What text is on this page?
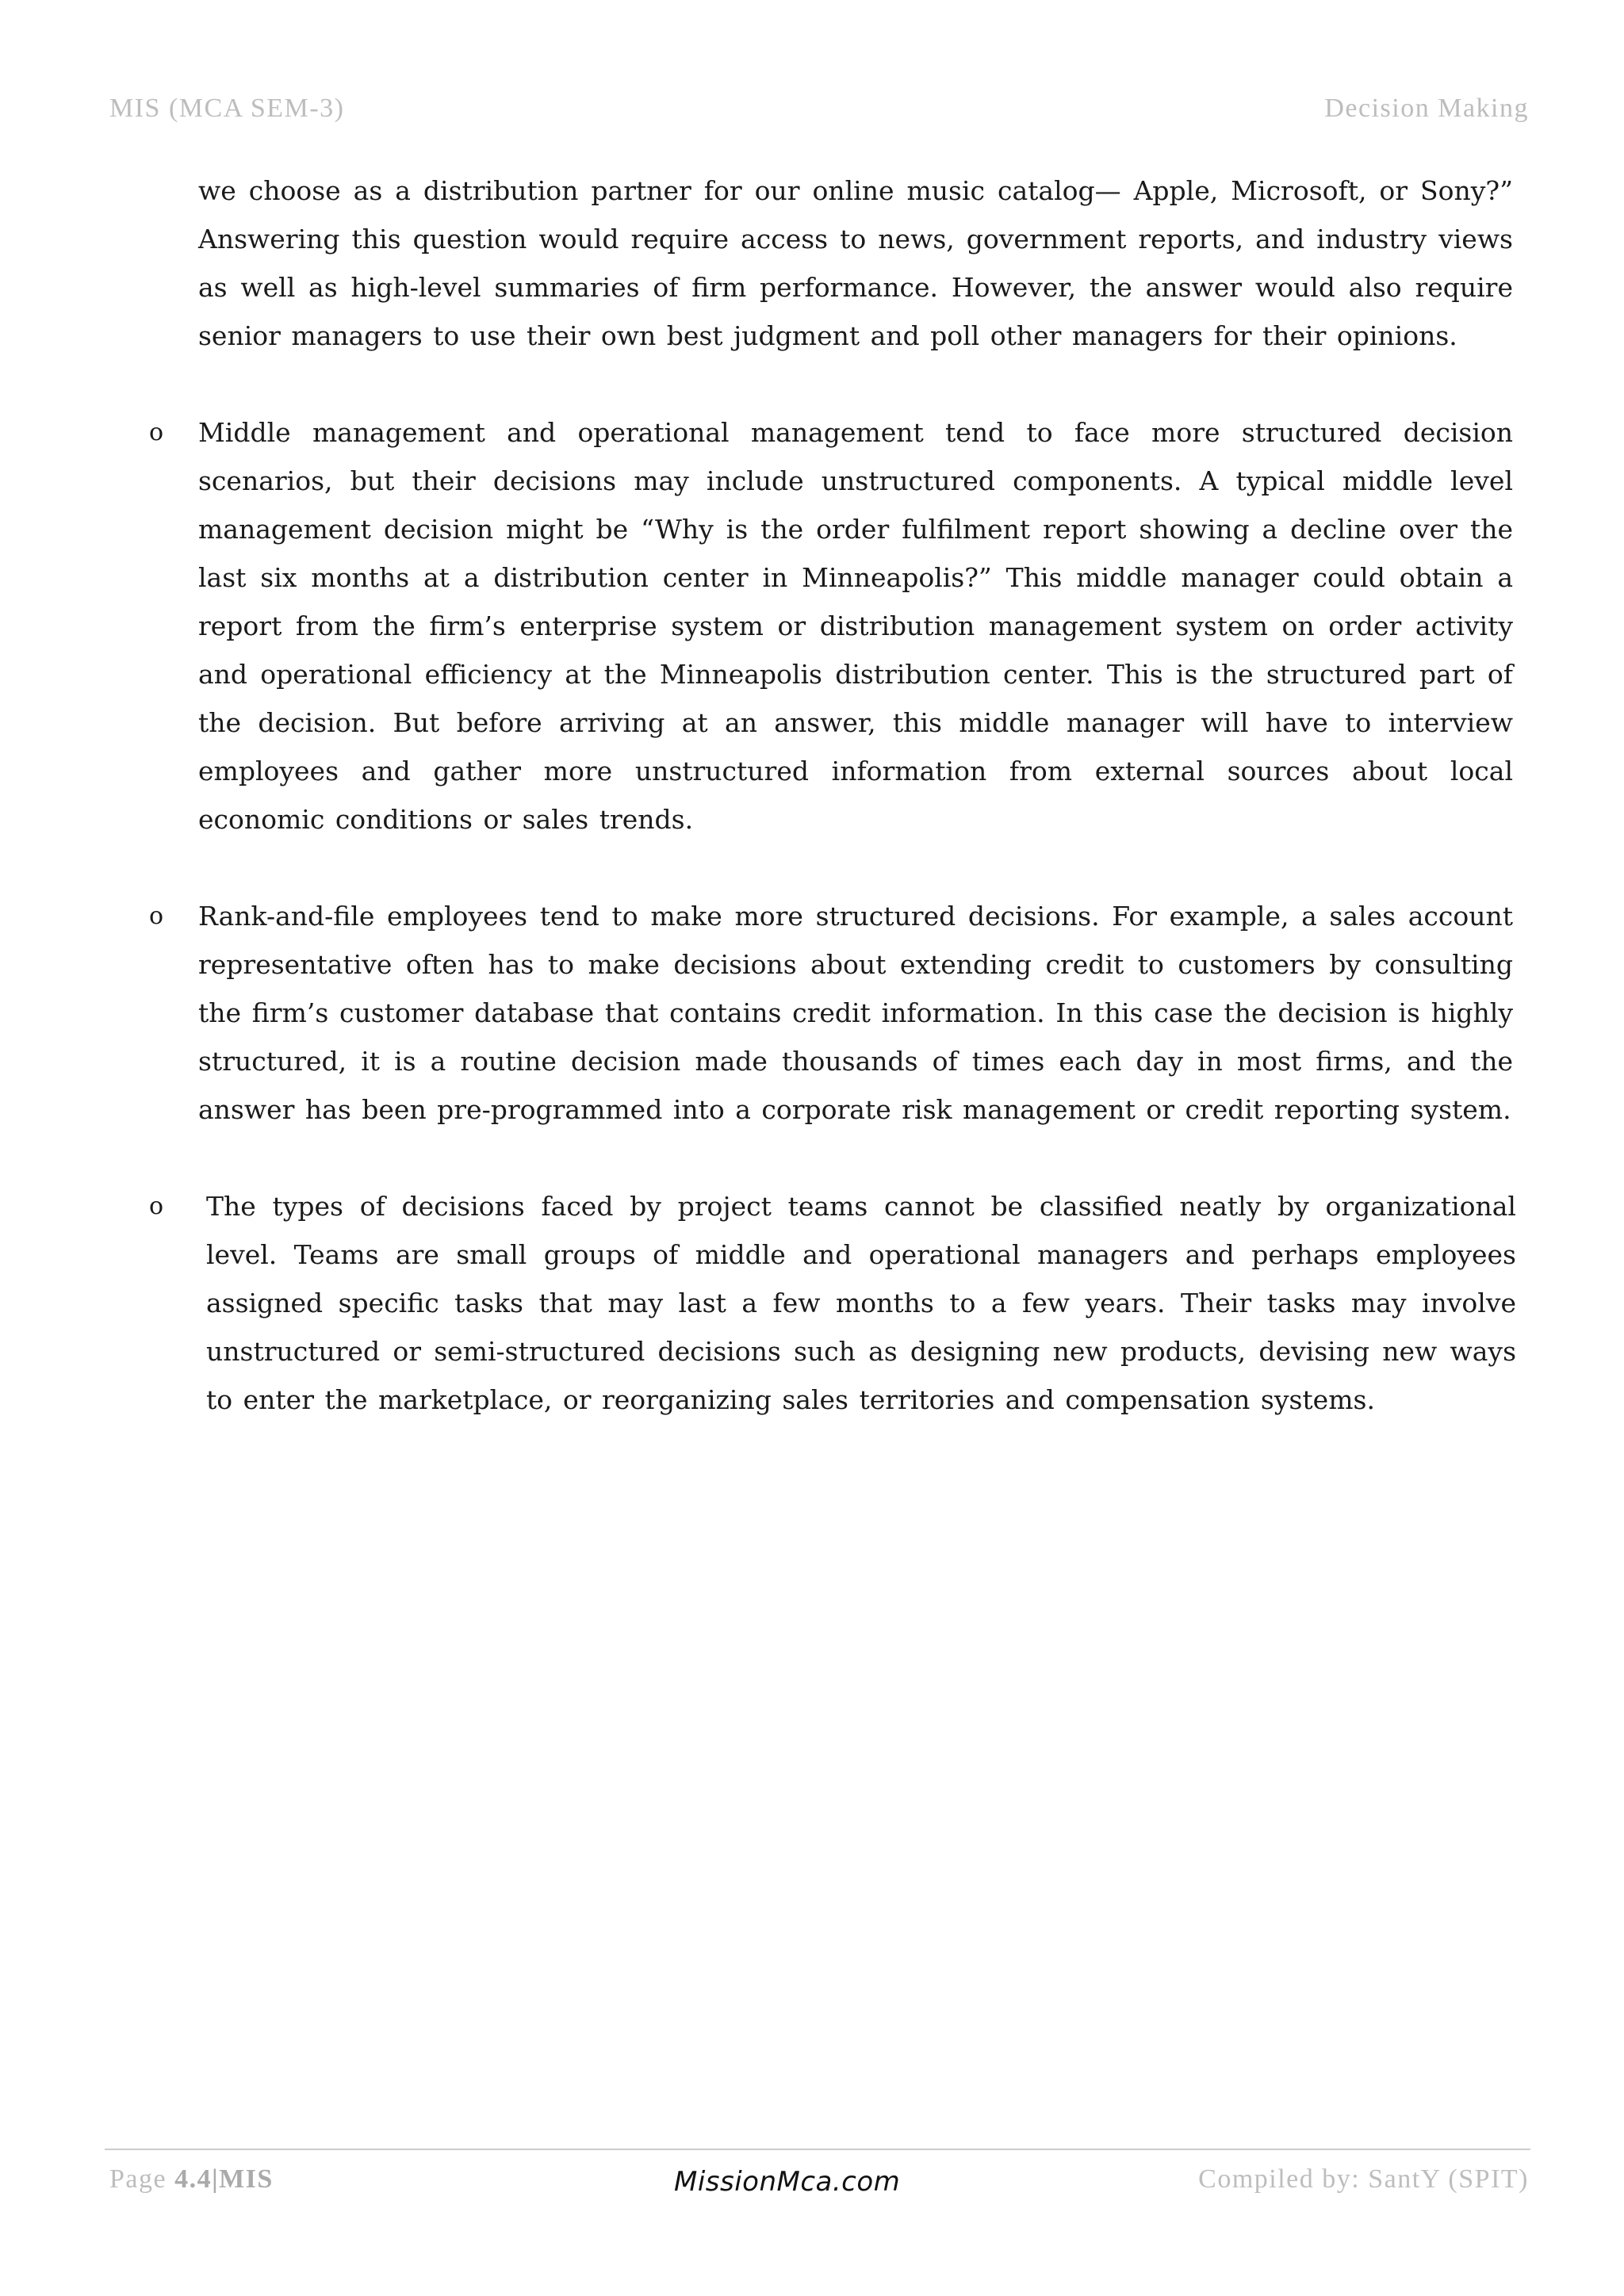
MIS (MCA SEM-3)	Decision Making

we choose as a distribution partner for our online music catalog— Apple, Microsoft, or Sony?” Answering this question would require access to news, government reports, and industry views as well as high-level summaries of firm performance. However, the answer would also require senior managers to use their own best judgment and poll other managers for their opinions.

o Middle management and operational management tend to face more structured decision scenarios, but their decisions may include unstructured components. A typical middle level management decision might be “Why is the order fulfilment report showing a decline over the last six months at a distribution center in Minneapolis?” This middle manager could obtain a report from the firm’s enterprise system or distribution management system on order activity and operational efficiency at the Minneapolis distribution center. This is the structured part of the decision. But before arriving at an answer, this middle manager will have to interview employees and gather more unstructured information from external sources about local economic conditions or sales trends.

o Rank-and-file employees tend to make more structured decisions. For example, a sales account representative often has to make decisions about extending credit to customers by consulting the firm’s customer database that contains credit information. In this case the decision is highly structured, it is a routine decision made thousands of times each day in most firms, and the answer has been pre-programmed into a corporate risk management or credit reporting system.

o The types of decisions faced by project teams cannot be classified neatly by organizational level. Teams are small groups of middle and operational managers and perhaps employees assigned specific tasks that may last a few months to a few years. Their tasks may involve unstructured or semi-structured decisions such as designing new products, devising new ways to enter the marketplace, or reorganizing sales territories and compensation systems.

Page 4.4|MIS	MissionMca.com	Compiled by: SantY (SPIT)
